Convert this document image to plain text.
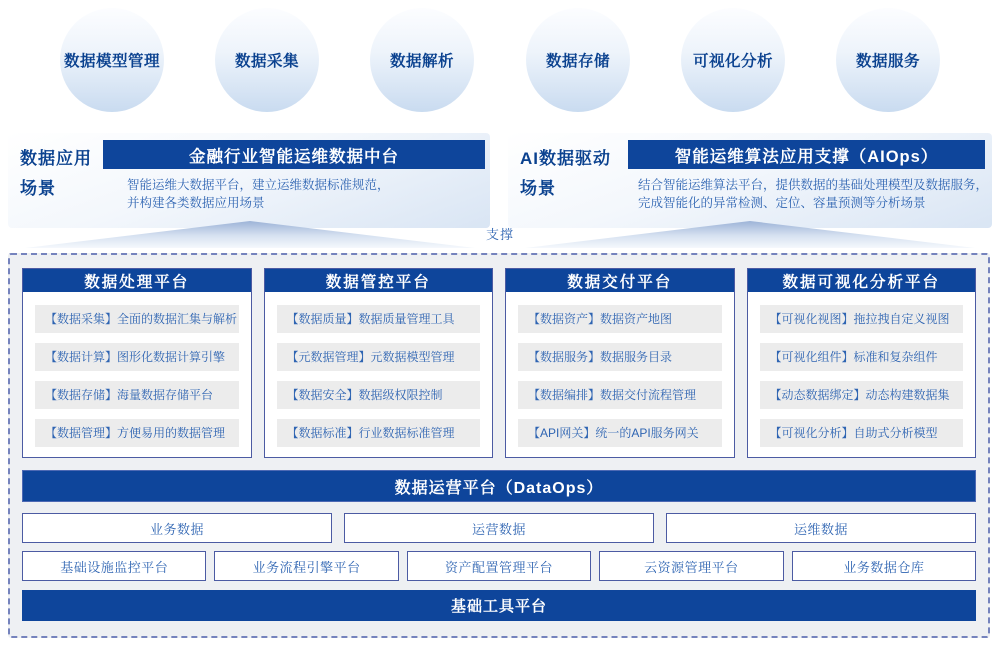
数据模型管理	数据采集	数据解析	数据存储	可视化分析	数据服务
数据应用
场景
金融行业智能运维数据中台
智能运维大数据平台，建立运维数据标准规范，
并构建各类数据应用场景
AI数据驱动
场景
智能运维算法应用支撑（AIOps）
结合智能运维算法平台，提供数据的基础处理模型及数据服务，
完成智能化的异常检测、定位、容量预测等分析场景
支撑
数据处理平台
【数据采集】全面的数据汇集与解析
【数据计算】图形化数据计算引擎
【数据存储】海量数据存储平台
【数据管理】方便易用的数据管理
数据管控平台
【数据质量】数据质量管理工具
【元数据管理】元数据模型管理
【数据安全】数据级权限控制
【数据标准】行业数据标准管理
数据交付平台
【数据资产】数据资产地图
【数据服务】数据服务目录
【数据编排】数据交付流程管理
【API网关】统一的API服务网关
数据可视化分析平台
【可视化视图】拖拉拽自定义视图
【可视化组件】标准和复杂组件
【动态数据绑定】动态构建数据集
【可视化分析】自助式分析模型
数据运营平台（DataOps）
业务数据	运营数据	运维数据
基础设施监控平台	业务流程引擎平台	资产配置管理平台	云资源管理平台	业务数据仓库
基础工具平台
